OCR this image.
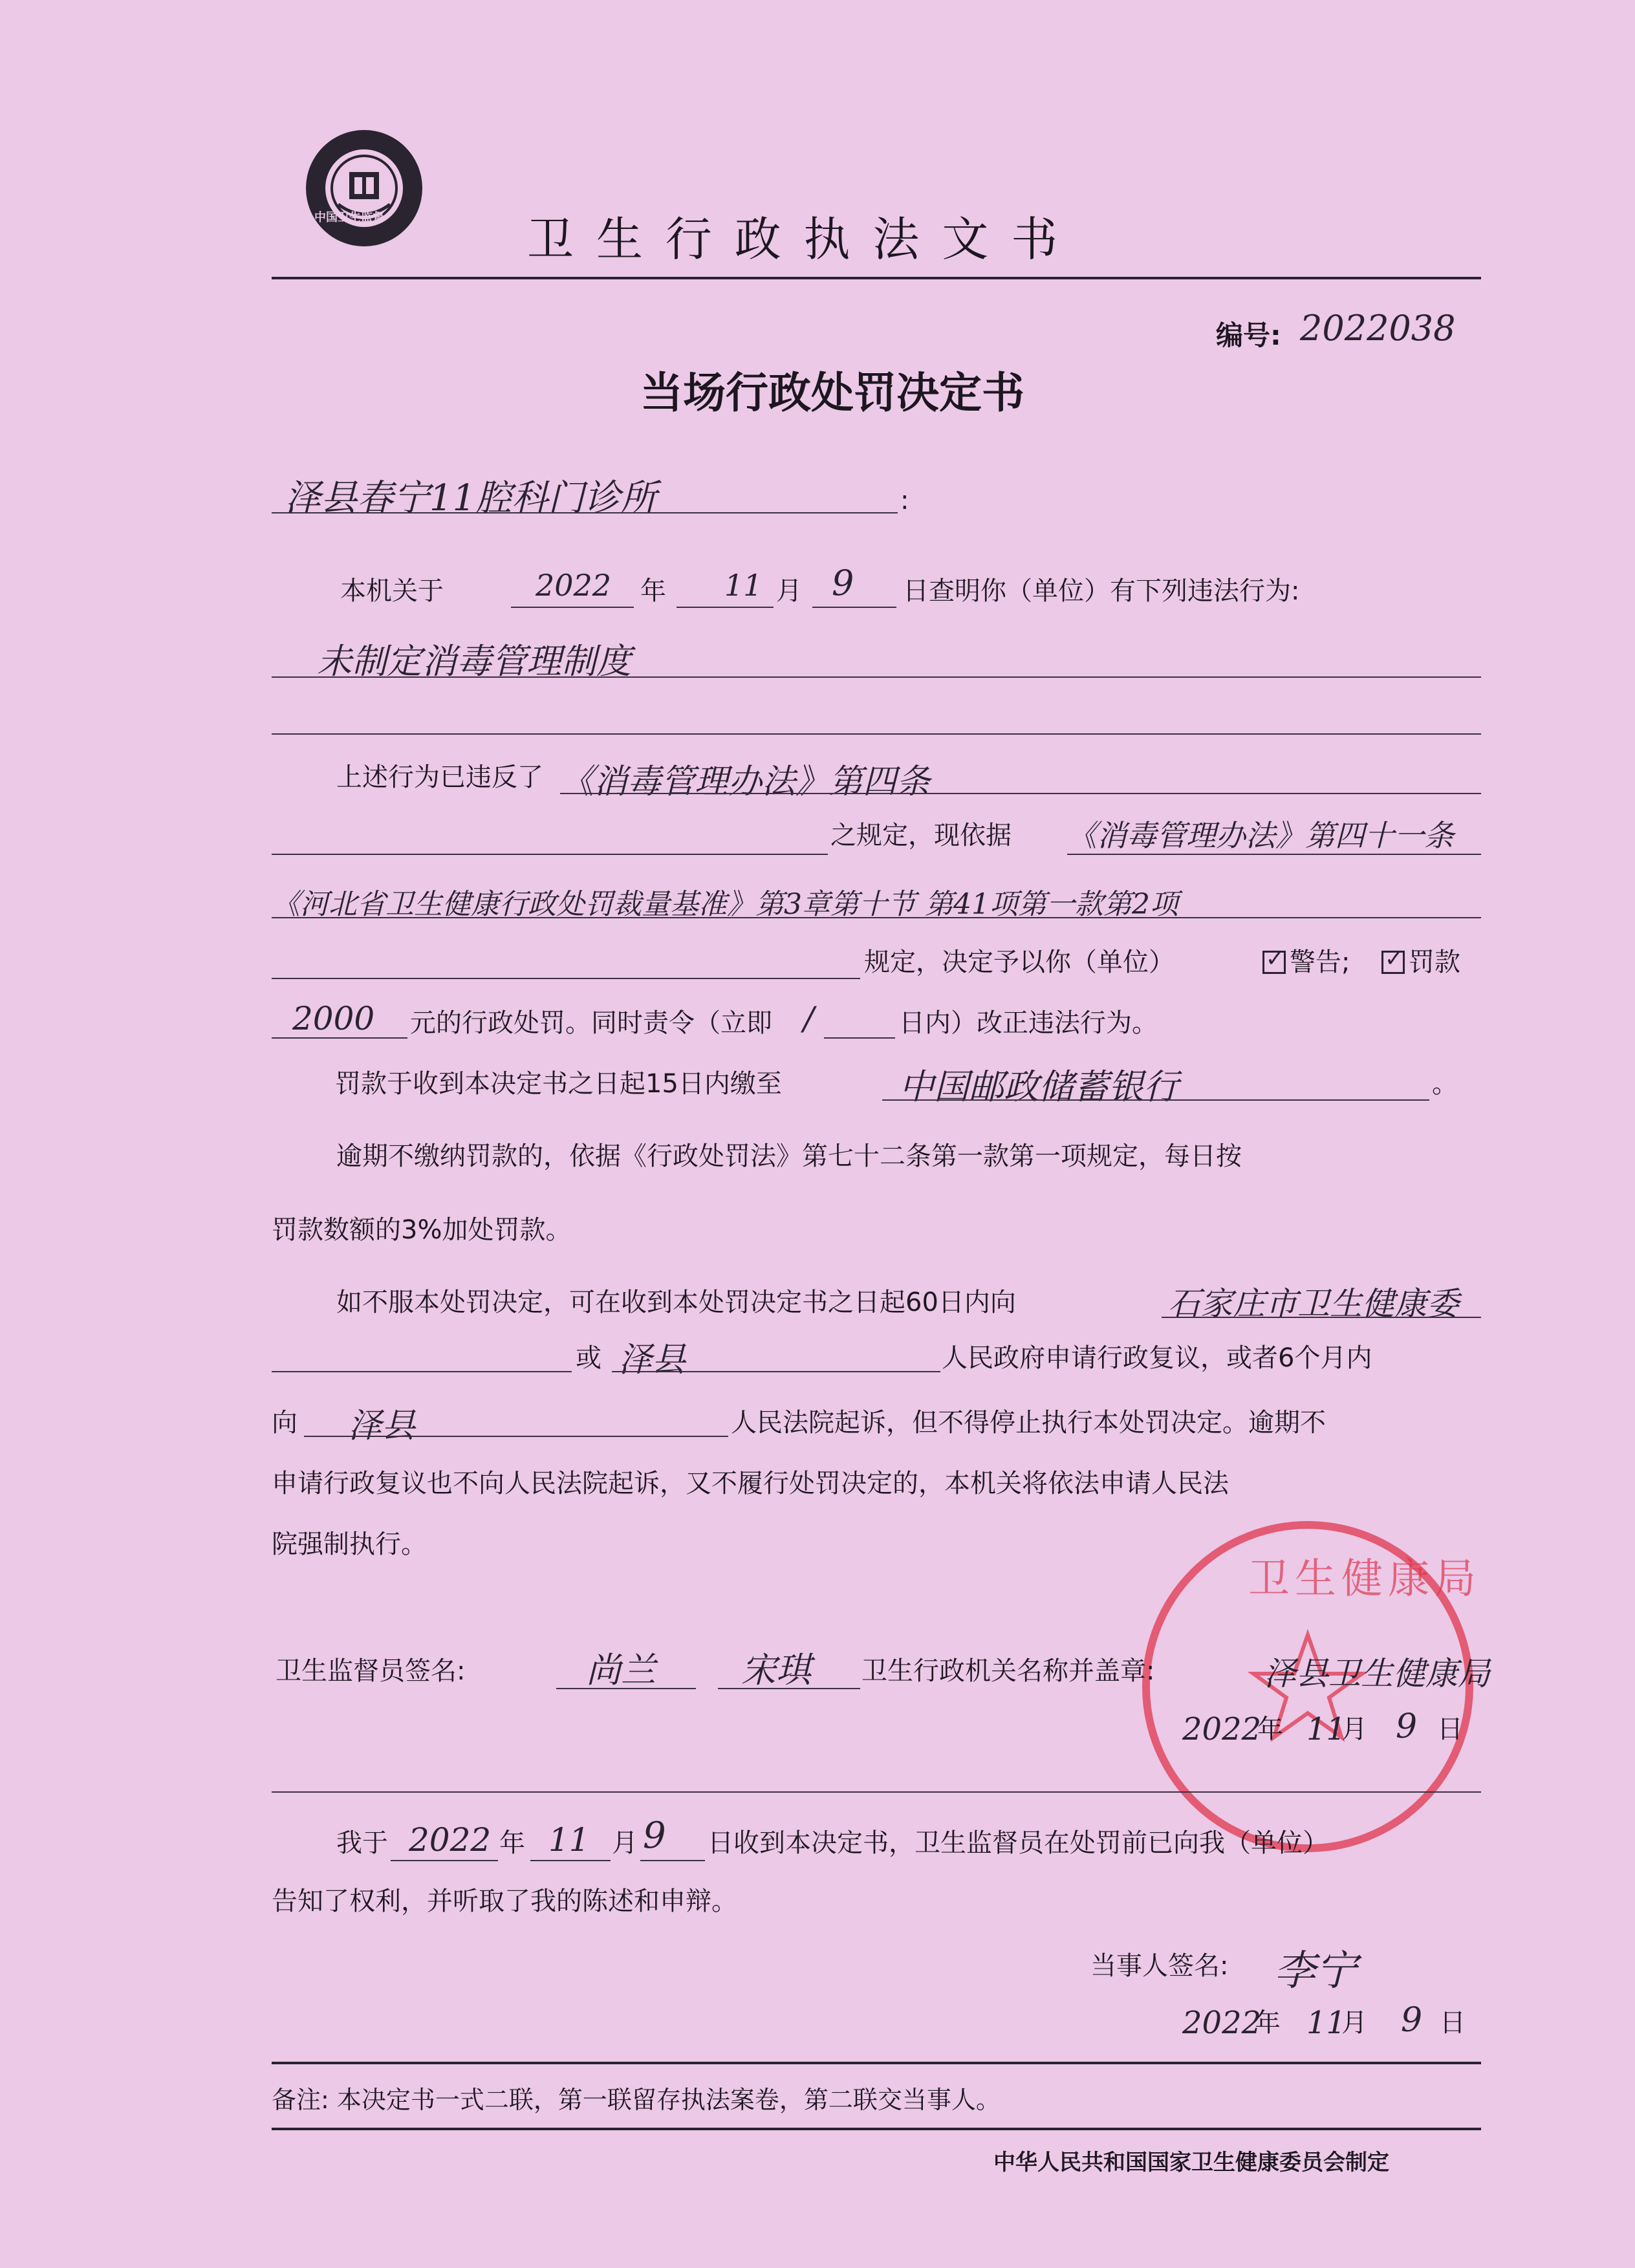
中国卫生监督	卫 生 行 政 执 法 文 书
编号: 2022038
当场行政处罚决定书
泽县春宁11腔科门诊所	:
本机关于	2022 年 11 月 9 日查明你（单位）有下列违法行为:
未制定消毒管理制度
上述行为已违反了 《消毒管理办法》第四条
之规定，现依据 《消毒管理办法》第四十一条
《河北省卫生健康行政处罚裁量基准》第3章第十节 第41项第一款第2项
规定，决定予以你（单位） ✓	警告; ✓ 罚款
2000 元的行政处罚。同时责令（立即 /	日内）改正违法行为。
罚款于收到本决定书之日起15日内缴至	中国邮政储蓄银行	。
逾期不缴纳罚款的，依据《行政处罚法》第七十二条第一款第一项规定，每日按
罚款数额的3%加处罚款。
如不服本处罚决定，可在收到本处罚决定书之日起60日内向	石家庄市卫生健康委
或 泽县	人民政府申请行政复议，或者6个月内
向 泽县	人民法院起诉，但不得停止执行本处罚决定。逾期不
申请行政复议也不向人民法院起诉，又不履行处罚决定的，本机关将依法申请人民法
院强制执行。
卫生健康局
卫生监督员签名:	尚兰 宋琪 卫生行政机关名称并盖章:	泽县卫生健康局
2022
年 11
月 9 日
我于 2022 年 11 月 9 日收到本决定书，卫生监督员在处罚前已向我（单位）
告知了权利，并听取了我的陈述和申辩。
当事人签名: 李宁
2022
年 11
月 9 日
备注: 本决定书一式二联，第一联留存执法案卷，第二联交当事人。
中华人民共和国国家卫生健康委员会制定
